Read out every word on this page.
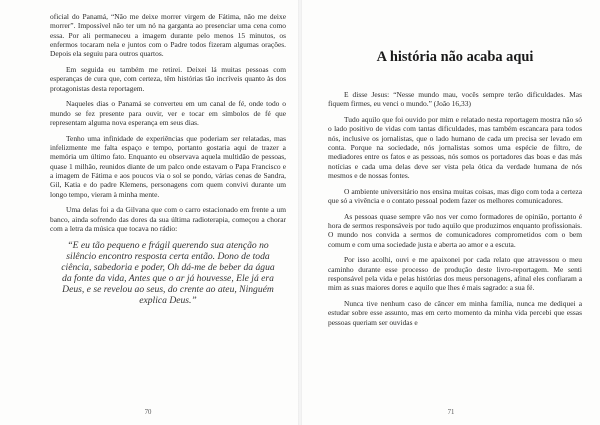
oficial do Panamá, “Não me deixe morrer virgem de Fátima, não me deixe morrer”. Impossível não ter um nó na garganta ao presenciar uma cena como essa. Por ali permaneceu a imagem durante pelo menos 15 minutos, os enfermos tocaram nela e juntos com o Padre todos fizeram algumas orações. Depois ela seguiu para outros quartos.

Em seguida eu também me retirei. Deixei lá muitas pessoas com esperanças de cura que, com certeza, têm histórias tão incríveis quanto às dos protagonistas desta reportagem.

Naqueles dias o Panamá se converteu em um canal de fé, onde todo o mundo se fez presente para ouvir, ver e tocar em símbolos de fé que representam alguma nova esperança em seus dias.

Tenho uma infinidade de experiências que poderiam ser relatadas, mas infelizmente me falta espaço e tempo, portanto gostaria aqui de trazer a memória um último fato. Enquanto eu observava aquela multidão de pessoas, quase 1 milhão, reunidos diante de um palco onde estavam o Papa Francisco e a imagem de Fátima e aos poucos via o sol se pondo, várias cenas de Sandra, Gil, Katia e do padre Klemens, personagens com quem convivi durante um longo tempo, vieram à minha mente.

Uma delas foi a da Gilvana que com o carro estacionado em frente a um banco, ainda sofrendo das dores da sua última radioterapia, começou a chorar com a letra da música que tocava no rádio:

“E eu tão pequeno e frágil querendo sua atenção no silêncio encontro resposta certa então. Dono de toda ciência, sabedoria e poder, Oh dá-me de beber da água da fonte da vida, Antes que o ar já houvesse, Ele já era Deus, e se revelou ao seus, do crente ao ateu, Ninguém explica Deus.”
70
A história não acaba aqui

E disse Jesus: “Nesse mundo mau, vocês sempre terão dificuldades. Mas fiquem firmes, eu venci o mundo.” (João 16,33)

Tudo aquilo que foi ouvido por mim e relatado nesta reportagem mostra não só o lado positivo de vidas com tantas dificuldades, mas também escancara para todos nós, inclusive os jornalistas, que o lado humano de cada um precisa ser levado em conta. Porque na sociedade, nós jornalistas somos uma espécie de filtro, de mediadores entre os fatos e as pessoas, nós somos os portadores das boas e das más notícias e cada uma delas deve ser vista pela ótica da verdade humana de nós mesmos e de nossas fontes.

O ambiente universitário nos ensina muitas coisas, mas digo com toda a certeza que só a vivência e o contato pessoal podem fazer os melhores comunicadores.

As pessoas quase sempre vão nos ver como formadores de opinião, portanto é hora de sermos responsáveis por tudo aquilo que produzimos enquanto profissionais. O mundo nos convida a sermos de comunicadores comprometidos com o bem comum e com uma sociedade justa e aberta ao amor e a escuta.

Por isso acolhi, ouvi e me apaixonei por cada relato que atravessou o meu caminho durante esse processo de produção deste livro-reportagem. Me senti responsável pela vida e pelas histórias dos meus personagens, afinal eles confiaram a mim as suas maiores dores e aquilo que lhes é mais sagrado: a sua fé.

Nunca tive nenhum caso de câncer em minha família, nunca me dediquei a estudar sobre esse assunto, mas em certo momento da minha vida percebi que essas pessoas queriam ser ouvidas e

71
